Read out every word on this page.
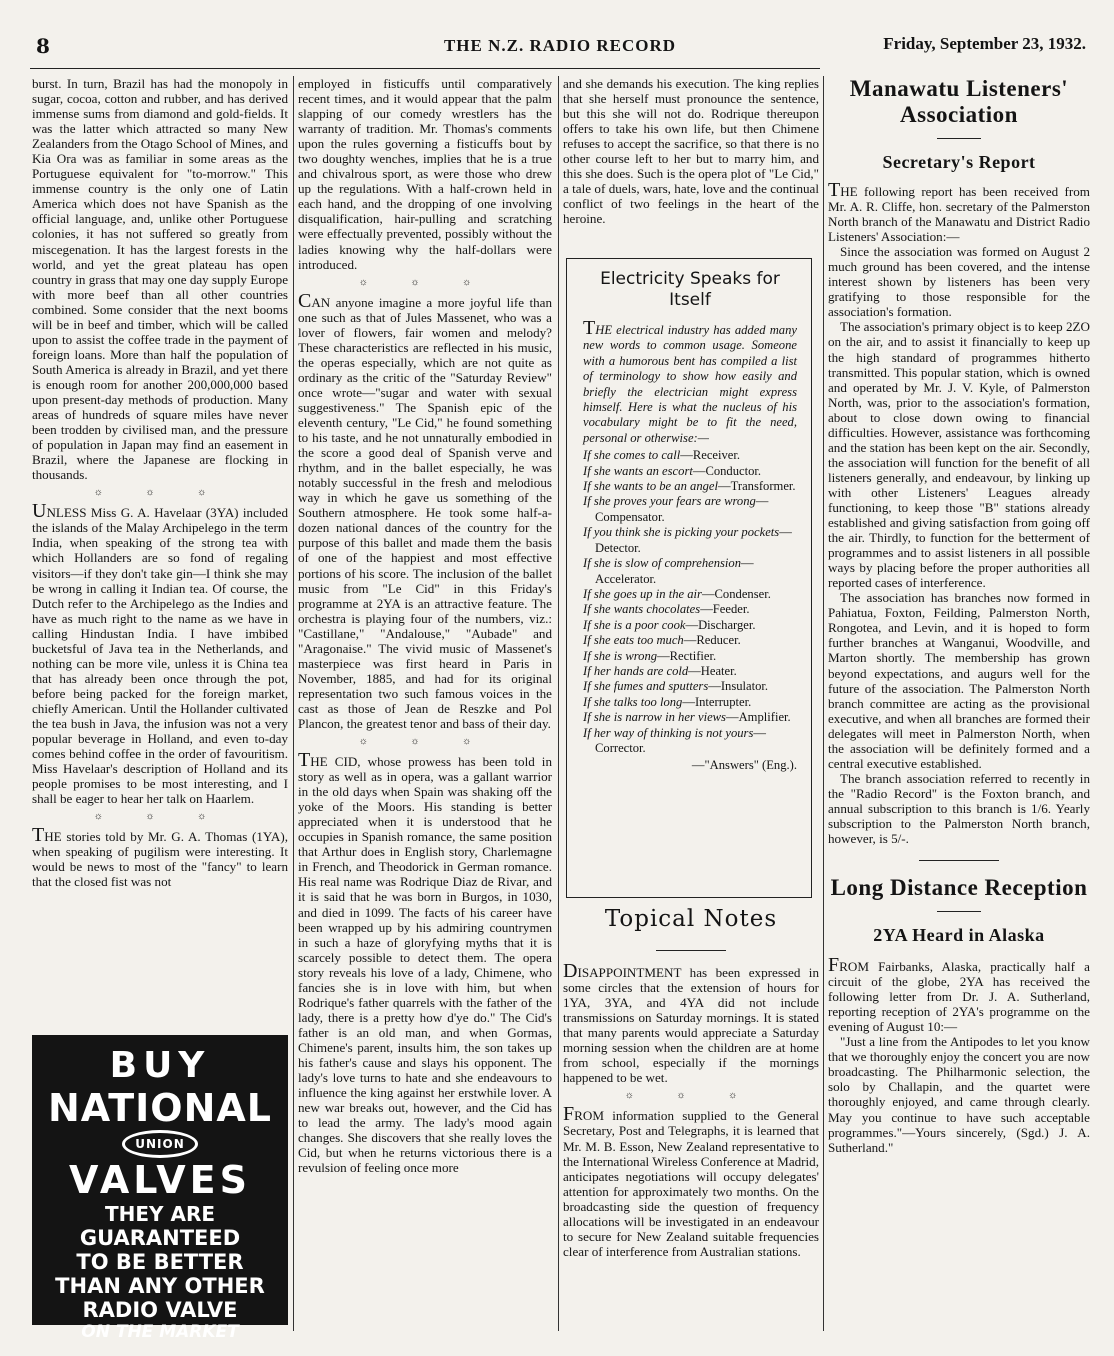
8	THE N.Z. RADIO RECORD	Friday, September 23, 1932.

burst. In turn, Brazil has had the monopoly in sugar, cocoa, cotton and rubber, and has derived immense sums from diamond and gold-fields. It was the latter which attracted so many New Zealanders from the Otago School of Mines, and Kia Ora was as familiar in some areas as the Portuguese equivalent for "to-morrow." This immense country is the only one of Latin America which does not have Spanish as the official language, and, unlike other Portuguese colonies, it has not suffered so greatly from miscegenation. It has the largest forests in the world, and yet the great plateau has open country in grass that may one day supply Europe with more beef than all other countries combined. Some consider that the next booms will be in beef and timber, which will be called upon to assist the coffee trade in the payment of foreign loans. More than half the population of South America is already in Brazil, and yet there is enough room for another 200,000,000 based upon present-day methods of production. Many areas of hundreds of square miles have never been trodden by civilised man, and the pressure of population in Japan may find an easement in Brazil, where the Japanese are flocking in thousands.

☼ ☼ ☼

UNLESS Miss G. A. Havelaar (3YA) included the islands of the Malay Archipelego in the term India, when speaking of the strong tea with which Hollanders are so fond of regaling visitors—if they don't take gin—I think she may be wrong in calling it Indian tea. Of course, the Dutch refer to the Archipelego as the Indies and have as much right to the name as we have in calling Hindustan India. I have imbibed bucketsful of Java tea in the Netherlands, and nothing can be more vile, unless it is China tea that has already been once through the pot, before being packed for the foreign market, chiefly American. Until the Hollander cultivated the tea bush in Java, the infusion was not a very popular beverage in Holland, and even to-day comes behind coffee in the order of favouritism. Miss Havelaar's description of Holland and its people promises to be most interesting, and I shall be eager to hear her talk on Haarlem.

☼ ☼ ☼

THE stories told by Mr. G. A. Thomas (1YA), when speaking of pugilism were interesting. It would be news to most of the "fancy" to learn that the closed fist was not

BUY
NATIONAL
UNION
VALVES
THEY ARE
GUARANTEED
TO BE BETTER
THAN ANY OTHER
RADIO VALVE
ON THE MARKET

employed in fisticuffs until comparatively recent times, and it would appear that the palm slapping of our comedy wrestlers has the warranty of tradition. Mr. Thomas's comments upon the rules governing a fisticuffs bout by two doughty wenches, implies that he is a true and chivalrous sport, as were those who drew up the regulations. With a half-crown held in each hand, and the dropping of one involving disqualification, hair-pulling and scratching were effectually prevented, possibly without the ladies knowing why the half-dollars were introduced.

☼ ☼ ☼

CAN anyone imagine a more joyful life than one such as that of Jules Massenet, who was a lover of flowers, fair women and melody? These characteristics are reflected in his music, the operas especially, which are not quite as ordinary as the critic of the "Saturday Review" once wrote—"sugar and water with sexual suggestiveness." The Spanish epic of the eleventh century, "Le Cid," he found something to his taste, and he not unnaturally embodied in the score a good deal of Spanish verve and rhythm, and in the ballet especially, he was notably successful in the fresh and melodious way in which he gave us something of the Southern atmosphere. He took some half-a-dozen national dances of the country for the purpose of this ballet and made them the basis of one of the happiest and most effective portions of his score. The inclusion of the ballet music from "Le Cid" in this Friday's programme at 2YA is an attractive feature. The orchestra is playing four of the numbers, viz.: "Castillane," "Andalouse," "Aubade" and "Aragonaise." The vivid music of Massenet's masterpiece was first heard in Paris in November, 1885, and had for its original representation two such famous voices in the cast as those of Jean de Reszke and Pol Plancon, the greatest tenor and bass of their day.

☼ ☼ ☼

THE CID, whose prowess has been told in story as well as in opera, was a gallant warrior in the old days when Spain was shaking off the yoke of the Moors. His standing is better appreciated when it is understood that he occupies in Spanish romance, the same position that Arthur does in English story, Charlemagne in French, and Theodorick in German romance. His real name was Rodrique Diaz de Rivar, and it is said that he was born in Burgos, in 1030, and died in 1099. The facts of his career have been wrapped up by his admiring countrymen in such a haze of gloryfying myths that it is scarcely possible to detect them. The opera story reveals his love of a lady, Chimene, who fancies she is in love with him, but when Rodrique's father quarrels with the father of the lady, there is a pretty how d'ye do." The Cid's father is an old man, and when Gormas, Chimene's parent, insults him, the son takes up his father's cause and slays his opponent. The lady's love turns to hate and she endeavours to influence the king against her erstwhile lover. A new war breaks out, however, and the Cid has to lead the army. The lady's mood again changes. She discovers that she really loves the Cid, but when he returns victorious there is a revulsion of feeling once more

and she demands his execution. The king replies that she herself must pronounce the sentence, but this she will not do. Rodrique thereupon offers to take his own life, but then Chimene refuses to accept the sacrifice, so that there is no other course left to her but to marry him, and this she does. Such is the opera plot of "Le Cid," a tale of duels, wars, hate, love and the continual conflict of two feelings in the heart of the heroine.

Electricity Speaks for Itself

THE electrical industry has added many new words to common usage. Someone with a humorous bent has compiled a list of terminology to show how easily and briefly the electrician might express himself. Here is what the nucleus of his vocabulary might be to fit the need, personal or otherwise:—

If she comes to call—Receiver.

If she wants an escort—Conductor.

If she wants to be an angel—Transformer.

If she proves your fears are wrong—Compensator.

If you think she is picking your pockets—Detector.

If she is slow of comprehension—Accelerator.

If she goes up in the air—Condenser.

If she wants chocolates—Feeder.

If she is a poor cook—Discharger.

If she eats too much—Reducer.

If she is wrong—Rectifier.

If her hands are cold—Heater.

If she fumes and sputters—Insulator.

If she talks too long—Interrupter.

If she is narrow in her views—Amplifier.

If her way of thinking is not yours—Corrector.

—"Answers" (Eng.).
Topical Notes

DISAPPOINTMENT has been expressed in some circles that the extension of hours for 1YA, 3YA, and 4YA did not include transmissions on Saturday mornings. It is stated that many parents would appreciate a Saturday morning session when the children are at home from school, especially if the mornings happened to be wet.

☼ ☼ ☼

FROM information supplied to the General Secretary, Post and Telegraphs, it is learned that Mr. M. B. Esson, New Zealand representative to the International Wireless Conference at Madrid, anticipates negotiations will occupy delegates' attention for approximately two months. On the broadcasting side the question of frequency allocations will be investigated in an endeavour to secure for New Zealand suitable frequencies clear of interference from Australian stations.

Manawatu Listeners' Association
Secretary's Report

THE following report has been received from Mr. A. R. Cliffe, hon. secretary of the Palmerston North branch of the Manawatu and District Radio Listeners' Association:—

Since the association was formed on August 2 much ground has been covered, and the intense interest shown by listeners has been very gratifying to those responsible for the association's formation.

The association's primary object is to keep 2ZO on the air, and to assist it financially to keep up the high standard of programmes hitherto transmitted. This popular station, which is owned and operated by Mr. J. V. Kyle, of Palmerston North, was, prior to the association's formation, about to close down owing to financial difficulties. However, assistance was forthcoming and the station has been kept on the air. Secondly, the association will function for the benefit of all listeners generally, and endeavour, by linking up with other Listeners' Leagues already functioning, to keep those "B" stations already established and giving satisfaction from going off the air. Thirdly, to function for the betterment of programmes and to assist listeners in all possible ways by placing before the proper authorities all reported cases of interference.

The association has branches now formed in Pahiatua, Foxton, Feilding, Palmerston North, Rongotea, and Levin, and it is hoped to form further branches at Wanganui, Woodville, and Marton shortly. The membership has grown beyond expectations, and augurs well for the future of the association. The Palmerston North branch committee are acting as the provisional executive, and when all branches are formed their delegates will meet in Palmerston North, when the association will be definitely formed and a central executive established.

The branch association referred to recently in the "Radio Record" is the Foxton branch, and annual subscription to this branch is 1/6. Yearly subscription to the Palmerston North branch, however, is 5/-.

Long Distance Reception
2YA Heard in Alaska

FROM Fairbanks, Alaska, practically half a circuit of the globe, 2YA has received the following letter from Dr. J. A. Sutherland, reporting reception of 2YA's programme on the evening of August 10:—

"Just a line from the Antipodes to let you know that we thoroughly enjoy the concert you are now broadcasting. The Philharmonic selection, the solo by Challapin, and the quartet were thoroughly enjoyed, and came through clearly. May you continue to have such acceptable programmes."—Yours sincerely, (Sgd.) J. A. Sutherland."
